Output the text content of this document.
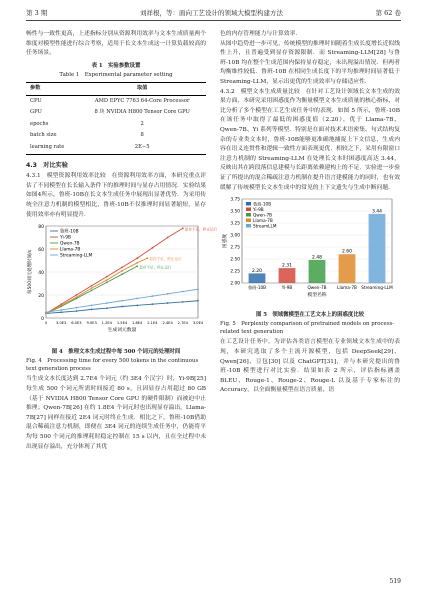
第 3 期	刘祥根，等：面向工艺设计的领域大模型构建方法	第 62 卷

畅性与一致性更高，上述指标分别从资源利用效率与文本生成质量两个维度对模型性能进行综合考察，适用于长文本生成这一计算负载较高的任务场景。

表 1　实验参数设置
Table 1　Experimental parameter setting
参数	取值
CPU	AMD EPYC 7763 64-Core Processor
GPU	8 块 NVIDIA H800 Tensor Core GPU
epochs	2
batch size	8
learning rate	2E−5
4.3　对比实验

4.3.1　模型资源利用效率比较　在资源利用效率方面，本研究重点评估了不同模型在长长输入条件下的推理时间与显存占用情况．实验结果如图4所示，鲁班-10B在长文本生成任务中展现出显著优势．为采用传统全注意力机制的模型相比，鲁班-10B不仅推理时间显著缩短，显存使用效率亦有明显提升．

0
20
40
60
80
0 3.0E3 6.0E3 9.0E3 1.2E4 1.5E4 1.8E4 2.1E4 2.4E4 2.7E4 3.0E4
生成词元数量
每500词元处理时间/s
鲁班-10B
Yi-9B
Qwen-7B
Llama-7B
Streaming-LLM
显存不足，停止运行
显存不足，停止运行
显存不足，停止运行
图 4　推理文本生成过程中每 500 个词元的处理时间
Fig. 4　Processing time for every 500 tokens in the continuous text generation process

当生成文本长度达到 2.7E4 个词元（约 3E4 个汉字）时，Yi-9B[25] 每生成 500 个词元所需时间接近 80 s，且因显存占用超过 80 GB（基于 NVIDIA H800 Tensor Core GPU 的硬件限制）而被迫中止推理；Qwen-7B[26] 在约 1.8E4 个词元时也出现显存溢出，Llama-7B[27] 同样在接近 2E4 词元时终止生成．相比之下，鲁班-10B借助混合稀疏注意力机制，即便在 3E4 词元的连续生成任务中，仍能将平均每 500 个词元的推理耗时稳定控制在 15 s 以内，且在全过程中未出现显存溢出，充分体现了其优

色的内存管理能力与计算效率．

从图中趋势进一步可见，传统模型的推理时间随着生成长度增长近似线性上升，且普遍受到显存资源限制．而 Streaming-LLM[28] 与鲁班-10B 均在整个生成范围内保持显存稳定，未出现溢出情况．但两者均衡维性较低．鲁班-10B 在相同生成长度下的平均推理时间显著低于 Streaming-LLM，显示出更优的生成效率与存储适应性．

4.3.2　模型文本生成质量比较　在针对工艺设计领域长文本生成的效果方面，本研究采用困惑度作为衡量模型文本生成质量的核心指标，对比分析了多个模型在工艺生成任务中的表现．如图 5 所示，鲁班-10B 在该任务中取得了最低的困惑度值（2.20），优于 Llama-7B、Qwen-7B、Yi 系列等模型．特别是在面对技术术语密集、句式结构复杂的专业类文本时，鲁班-10B能够更准确地捕捉上下文信息，生成内容在语义连贯性和逻辑一致性方面表现更优．相较之下，采用有限窗口注意力机制的 Streaming-LLM 在处理长文本时困惑度高达 3.44，反映出其在跨段落信息建模与长距离依赖建构上的不足．实验进一步验证了所提出的混合稀疏注意力机制在提升语言建模能力的同时，也有效缓解了传统模型长文本生成中的常见的上下文遗失与生成中断问题．

2.00
2.25
2.50
2.75
3.00
3.25
3.50
3.75
2.20
鲁班-10B
2.31
Yi-9B
2.48
Qwen-7B
2.60
Llama-7B
3.44
Streaming-LLM
模型名称
困惑度
鲁班-10B
Yi-9B
Qwen-7B
Llama-7B
StreamLLM
图 5　领域微模型在工艺文本上的困惑度比较
Fig. 5　Perplexity comparison of pretrained models on process-related text generation

在工艺设计任务中，为评估各类语言模型在专业领域文本生成中的表现，本研究选取了多个主流开源模型，包括 DeepSeek[29]、Qwen[26]、豆包[30] 以及 ChatGPT[31]，并与本研究提出的鲁班-10B 模型进行对比实验．结果如表 2 所示，评估指标涵盖 BLEU、Rouge-1、Rouge-2、Rouge-L 以及基于专家标注的 Accuracy，以全面衡量模型在语言质量、语

519
